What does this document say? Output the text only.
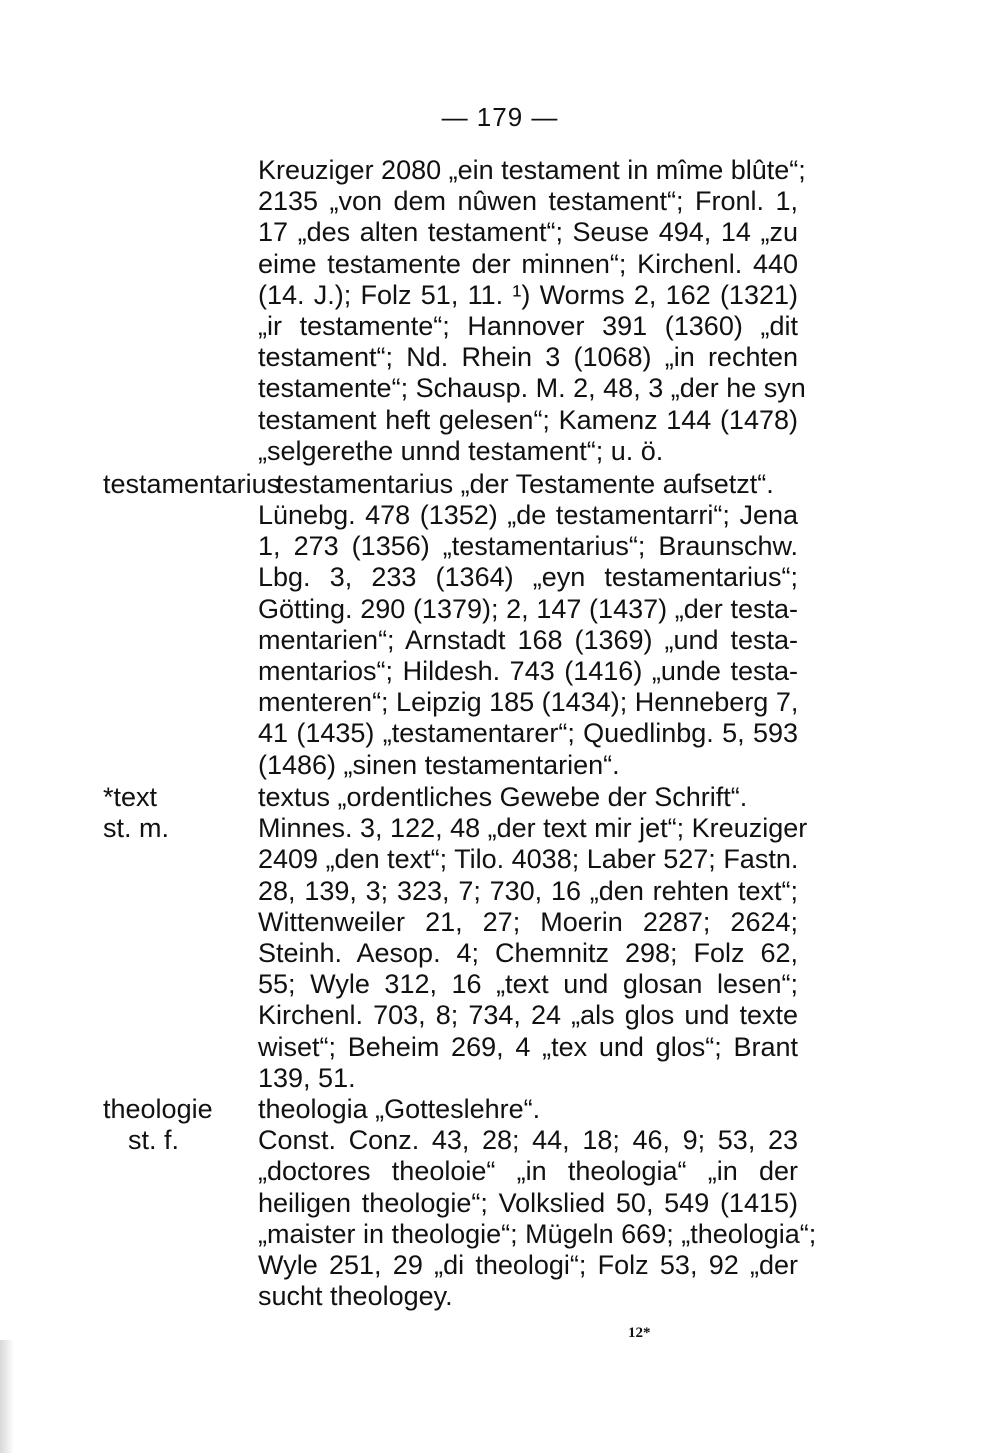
— 179 —
Kreuziger 2080 „ein testament in mîme blûte“;
2135 „von dem nûwen testament“; Fronl. 1,
17 „des alten testament“; Seuse 494, 14 „zu
eime testamente der minnen“; Kirchenl. 440
(14. J.); Folz 51, 11. ¹) Worms 2, 162 (1321)
„ir testamente“; Hannover 391 (1360) „dit
testament“; Nd. Rhein 3 (1068) „in rechten
testamente“; Schausp. M. 2, 48, 3 „der he syn
testament heft gelesen“; Kamenz 144 (1478)
„selgerethe unnd testament“; u. ö.
testamentarius
testamentarius „der Testamente aufsetzt“.
Lünebg. 478 (1352) „de testamentarri“; Jena
1, 273 (1356) „testamentarius“; Braunschw.
Lbg. 3, 233 (1364) „eyn testamentarius“;
Götting. 290 (1379); 2, 147 (1437) „der testa-
mentarien“; Arnstadt 168 (1369) „und testa-
mentarios“; Hildesh. 743 (1416) „unde testa-
menteren“; Leipzig 185 (1434); Henneberg 7,
41 (1435) „testamentarer“; Quedlinbg. 5, 593
(1486) „sinen testamentarien“.
*text
st. m.
textus „ordentliches Gewebe der Schrift“.
Minnes. 3, 122, 48 „der text mir jet“; Kreuziger
2409 „den text“; Tilo. 4038; Laber 527; Fastn.
28, 139, 3; 323, 7; 730, 16 „den rehten text“;
Wittenweiler 21, 27; Moerin 2287; 2624;
Steinh. Aesop. 4; Chemnitz 298; Folz 62,
55; Wyle 312, 16 „text und glosan lesen“;
Kirchenl. 703, 8; 734, 24 „als glos und texte
wiset“; Beheim 269, 4 „tex und glos“; Brant
139, 51.
theologie
st. f.
theologia „Gotteslehre“.
Const. Conz. 43, 28; 44, 18; 46, 9; 53, 23
„doctores theoloie“ „in theologia“ „in der
heiligen theologie“; Volkslied 50, 549 (1415)
„maister in theologie“; Mügeln 669; „theologia“;
Wyle 251, 29 „di theologi“; Folz 53, 92 „der
sucht theologey.
12*
